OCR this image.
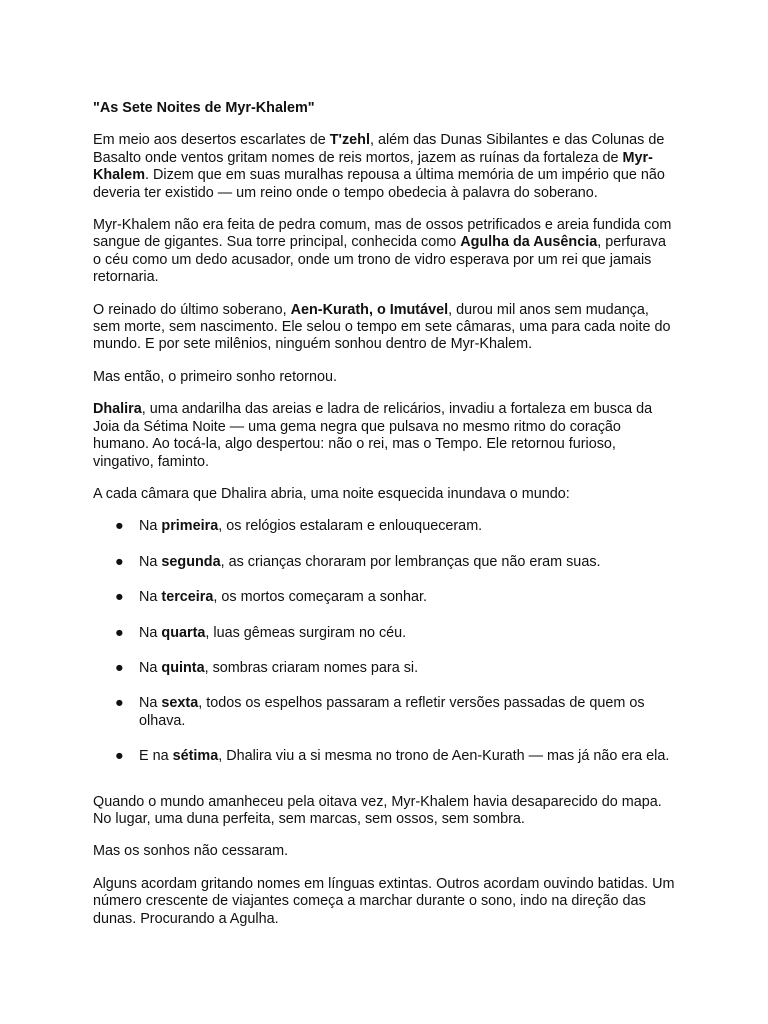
"As Sete Noites de Myr-Khalem"

Em meio aos desertos escarlates de T'zehl, além das Dunas Sibilantes e das Colunas de Basalto onde ventos gritam nomes de reis mortos, jazem as ruínas da fortaleza de Myr-Khalem. Dizem que em suas muralhas repousa a última memória de um império que não deveria ter existido — um reino onde o tempo obedecia à palavra do soberano.

Myr-Khalem não era feita de pedra comum, mas de ossos petrificados e areia fundida com sangue de gigantes. Sua torre principal, conhecida como Agulha da Ausência, perfurava o céu como um dedo acusador, onde um trono de vidro esperava por um rei que jamais retornaria.

O reinado do último soberano, Aen-Kurath, o Imutável, durou mil anos sem mudança, sem morte, sem nascimento. Ele selou o tempo em sete câmaras, uma para cada noite do mundo. E por sete milênios, ninguém sonhou dentro de Myr-Khalem.

Mas então, o primeiro sonho retornou.

Dhalira, uma andarilha das areias e ladra de relicários, invadiu a fortaleza em busca da Joia da Sétima Noite — uma gema negra que pulsava no mesmo ritmo do coração humano. Ao tocá-la, algo despertou: não o rei, mas o Tempo. Ele retornou furioso, vingativo, faminto.

A cada câmara que Dhalira abria, uma noite esquecida inundava o mundo:

● Na primeira, os relógios estalaram e enlouqueceram.
● Na segunda, as crianças choraram por lembranças que não eram suas.
● Na terceira, os mortos começaram a sonhar.
● Na quarta, luas gêmeas surgiram no céu.
● Na quinta, sombras criaram nomes para si.
● Na sexta, todos os espelhos passaram a refletir versões passadas de quem os olhava.
● E na sétima, Dhalira viu a si mesma no trono de Aen-Kurath — mas já não era ela.

Quando o mundo amanheceu pela oitava vez, Myr-Khalem havia desaparecido do mapa. No lugar, uma duna perfeita, sem marcas, sem ossos, sem sombra.

Mas os sonhos não cessaram.

Alguns acordam gritando nomes em línguas extintas. Outros acordam ouvindo batidas. Um número crescente de viajantes começa a marchar durante o sono, indo na direção das dunas. Procurando a Agulha.
